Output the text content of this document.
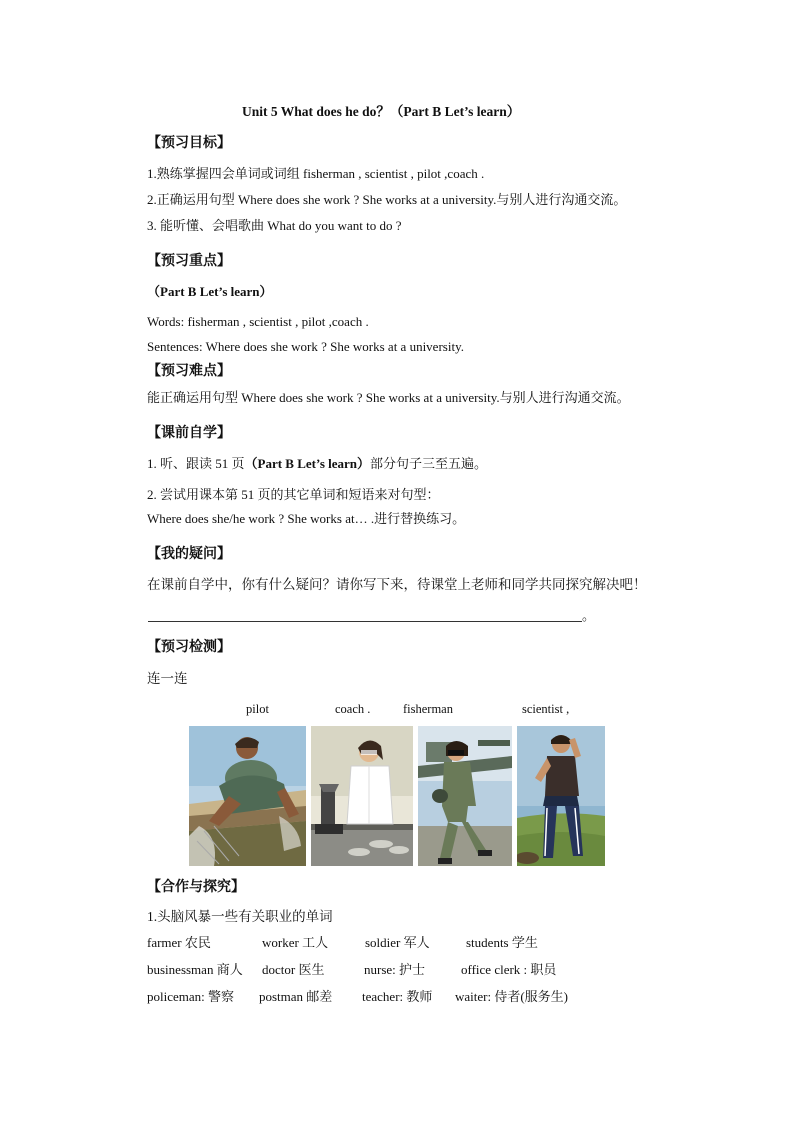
Unit 5 What does he do？（Part B Let’s learn）
【预习目标】
1.熟练掌握四会单词或词组 fisherman , scientist , pilot ,coach .
2.正确运用句型 Where does she work ? She works at a university.与别人进行沟通交流。
3. 能听懂、会唱歌曲 What do you want to do ?
【预习重点】
（Part B Let’s learn）
Words: fisherman , scientist , pilot ,coach .
Sentences: Where does she work ? She works at a university.
【预习难点】
能正确运用句型 Where does she work ? She works at a university.与别人进行沟通交流。
【课前自学】
1. 听、跟读 51 页（Part B Let’s learn）部分句子三至五遍。
2. 尝试用课本第 51 页的其它单词和短语来对句型：
Where does she/he work ? She works at… .进行替换练习。
【我的疑问】
在课前自学中，你有什么疑问？请你写下来，待课堂上老师和同学共同探究解决吧！
。
【预习检测】
连一连
pilot	coach .	fisherman	scientist ,
【合作与探究】
1.头脑风暴一些有关职业的单词
farmer 农民	worker 工人	soldier 军人	students 学生
businessman 商人 doctor 医生	nurse: 护士	office clerk : 职员
policeman: 警察 postman 邮差 teacher: 教师 waiter: 侍者(服务生)
